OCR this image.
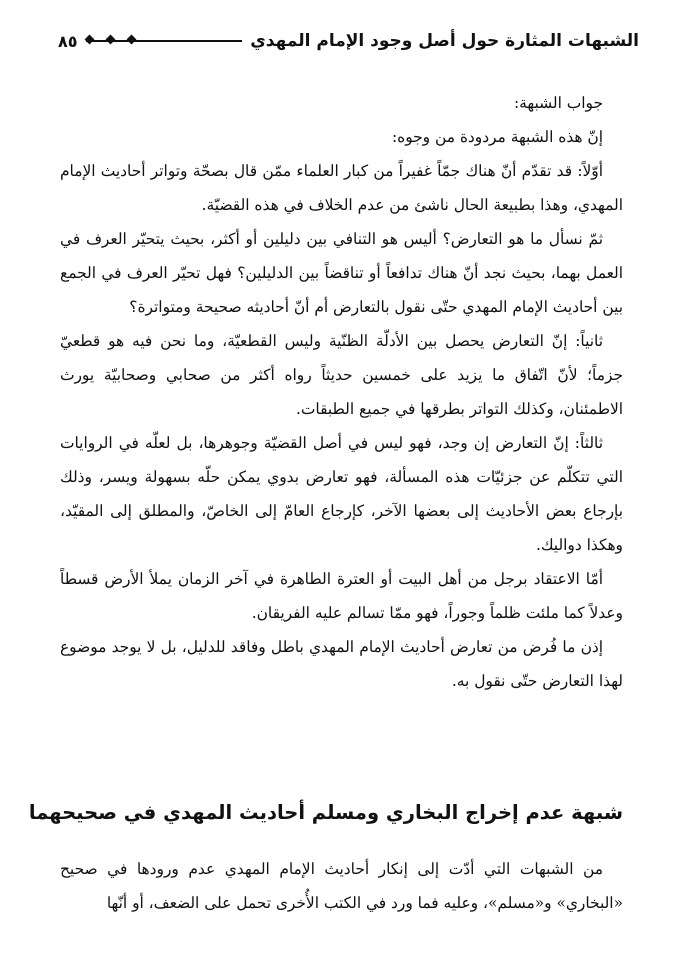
الشبهات المثارة حول أصل وجود الإمام المهدي
٨٥

جواب الشبهة:

إنّ هذه الشبهة مردودة من وجوه:

أوّلاً: قد تقدّم أنّ هناك جمّاً غفيراً من كبار العلماء ممّن قال بصحّة وتواتر أحاديث الإمام المهدي، وهذا بطبيعة الحال ناشئ من عدم الخلاف في هذه القضيّة.

ثمّ نسأل ما هو التعارض؟ أليس هو التنافي بين دليلين أو أكثر، بحيث يتحيّر العرف في العمل بهما، بحيث نجد أنّ هناك تدافعاً أو تناقضاً بين الدليلين؟ فهل تحيّر العرف في الجمع بين أحاديث الإمام المهدي حتّى نقول بالتعارض أم أنّ أحاديثه صحيحة ومتواترة؟

ثانياً: إنّ التعارض يحصل بين الأدلّة الظنّية وليس القطعيّة، وما نحن فيه هو قطعيّ جزماً؛ لأنّ اتّفاق ما يزيد على خمسين حديثاً رواه أكثر من صحابي وصحابيّة يورث الاطمئنان، وكذلك التواتر بطرقها في جميع الطبقات.

ثالثاً: إنّ التعارض إن وجد، فهو ليس في أصل القضيّة وجوهرها، بل لعلّه في الروايات التي تتكلّم عن جزئيّات هذه المسألة، فهو تعارض بدوي يمكن حلّه بسهولة ويسر، وذلك بإرجاع بعض الأحاديث إلى بعضها الآخر، كإرجاع العامّ إلى الخاصّ، والمطلق إلى المقيّد، وهكذا دواليك.

أمّا الاعتقاد برجل من أهل البيت أو العترة الطاهرة في آخر الزمان يملأ الأرض قسطاً وعدلاً كما ملئت ظلماً وجوراً، فهو ممّا تسالم عليه الفريقان.

إذن ما فُرض من تعارض أحاديث الإمام المهدي باطل وفاقد للدليل، بل لا يوجد موضوع لهذا التعارض حتّى نقول به.

شبهة عدم إخراج البخاري ومسلم أحاديث المهدي في صحيحهما

من الشبهات التي أدّت إلى إنكار أحاديث الإمام المهدي عدم ورودها في صحيح «البخاري» و«مسلم»، وعليه فما ورد في الكتب الأُخرى تحمل على الضعف، أو أنّها
